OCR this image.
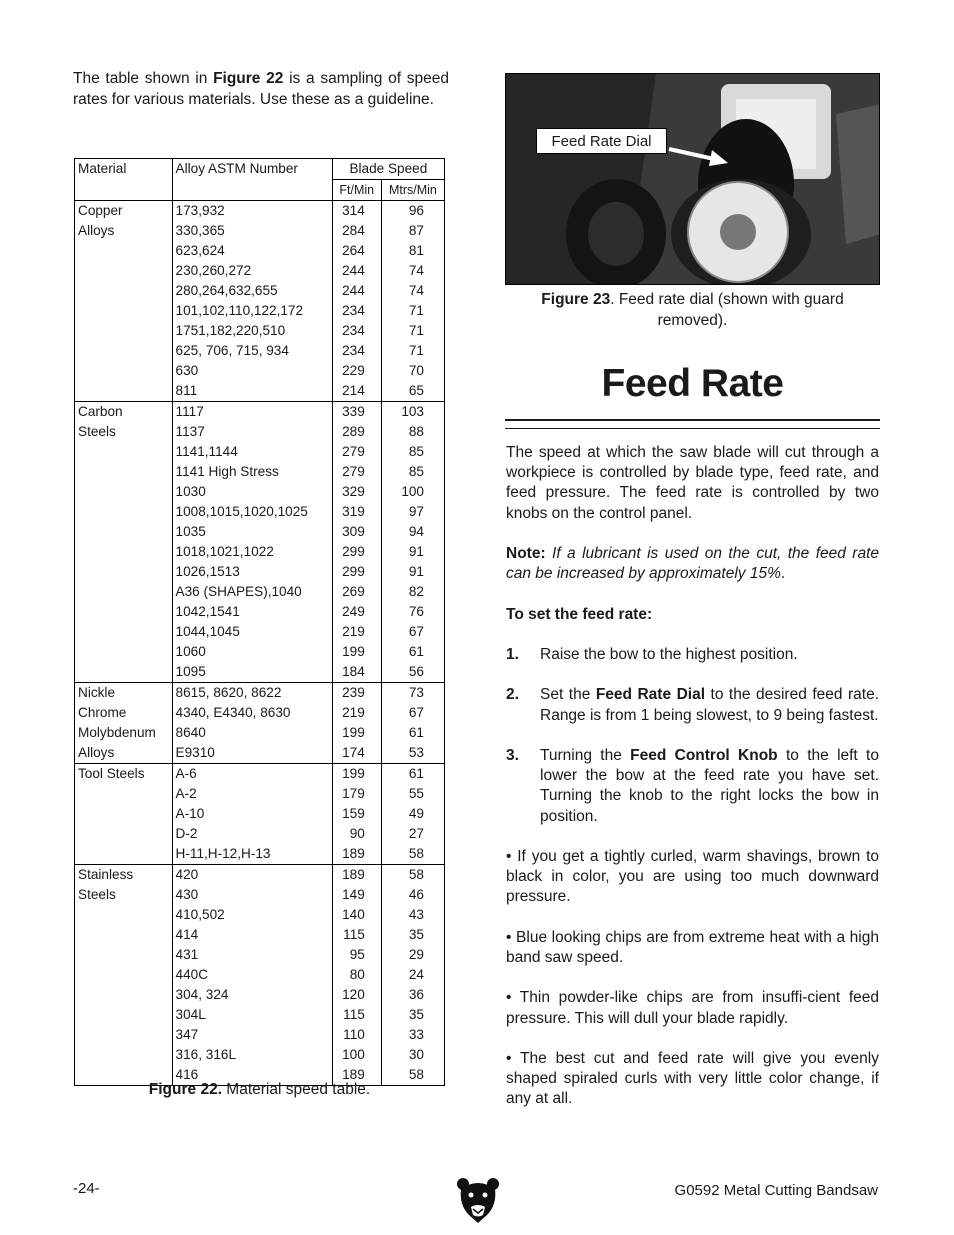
The table shown in Figure 22 is a sampling of speed rates for various materials. Use these as a guideline.

Material	Alloy ASTM Number	Blade Speed	
		Ft/Min	Mtrs/Min
Copper	173,932	314	96
Alloys	330,365	284	87
	623,624	264	81
	230,260,272	244	74
	280,264,632,655	244	74
	101,102,110,122,172	234	71
	1751,182,220,510	234	71
	625, 706, 715, 934	234	71
	630	229	70
	811	214	65
Carbon	1117	339	103
Steels	1137	289	88
	1141,1144	279	85
	1141 High Stress	279	85
	1030	329	100
	1008,1015,1020,1025	319	97
	1035	309	94
	1018,1021,1022	299	91
	1026,1513	299	91
	A36 (SHAPES),1040	269	82
	1042,1541	249	76
	1044,1045	219	67
	1060	199	61
	1095	184	56
Nickle	8615, 8620, 8622	239	73
Chrome	4340, E4340, 8630	219	67
Molybdenum	8640	199	61
Alloys	E9310	174	53
Tool Steels	A-6	199	61
	A-2	179	55
	A-10	159	49
	D-2	90	27
	H-11,H-12,H-13	189	58
Stainless	420	189	58
Steels	430	149	46
	410,502	140	43
	414	115	35
	431	95	29
	440C	80	24
	304, 324	120	36
	304L	115	35
	347	110	33
	316, 316L	100	30
	416	189	58
Figure 22. Material speed table.
Feed Rate Dial
Figure 23. Feed rate dial (shown with guard removed).
Feed Rate

The speed at which the saw blade will cut through a workpiece is controlled by blade type, feed rate, and feed pressure. The feed rate is controlled by two knobs on the control panel.

Note: If a lubricant is used on the cut, the feed rate can be increased by approximately 15%.

To set the feed rate:

1.	Raise the bow to the highest position.
2.	Set the Feed Rate Dial to the desired feed rate. Range is from 1 being slowest, to 9 being fastest.
3.	Turning the Feed Control Knob to the left to lower the bow at the feed rate you have set. Turning the knob to the right locks the bow in position.

• If you get a tightly curled, warm shavings, brown to black in color, you are using too much downward pressure.

• Blue looking chips are from extreme heat with a high band saw speed.

• Thin powder-like chips are from insuffi-cient feed pressure. This will dull your blade rapidly.

• The best cut and feed rate will give you evenly shaped spiraled curls with very little color change, if any at all.

-24-	G0592 Metal Cutting Bandsaw
